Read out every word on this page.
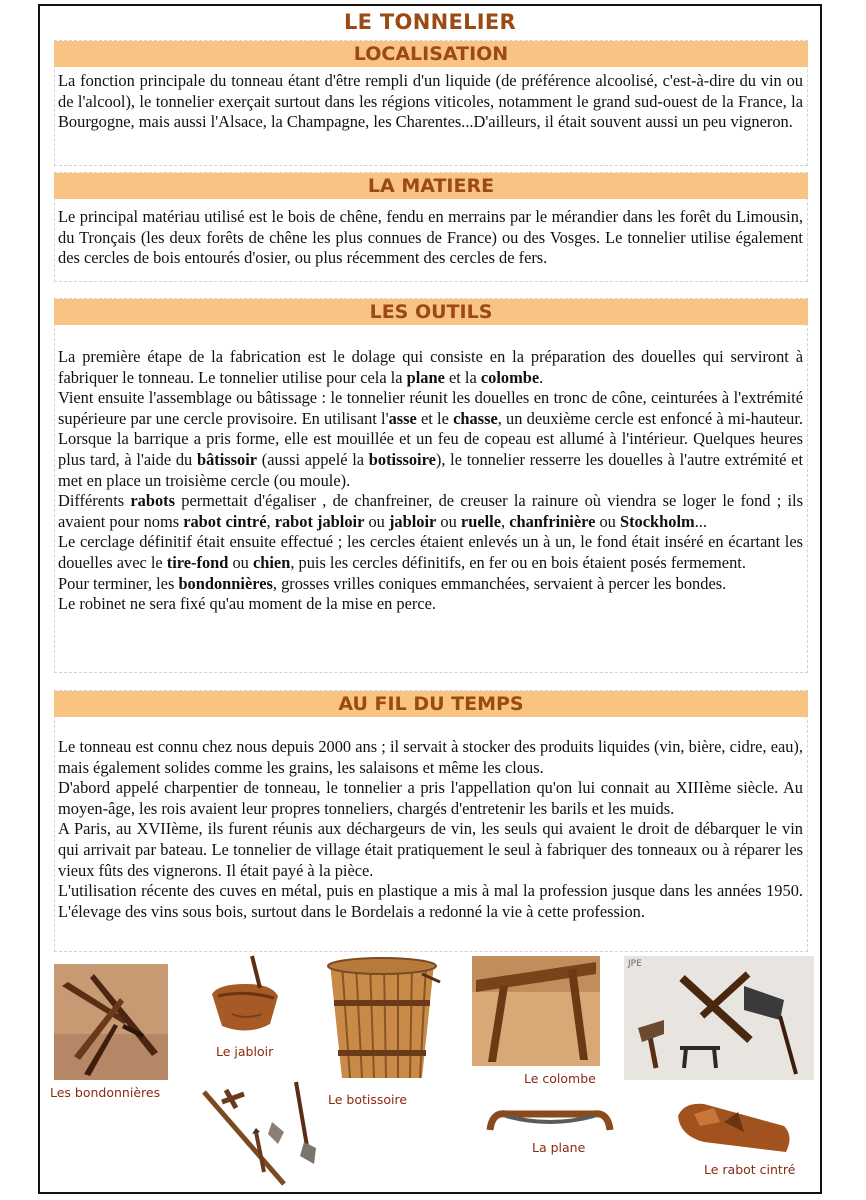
LE TONNELIER
LOCALISATION

La fonction principale du tonneau étant d'être rempli d'un liquide (de préférence alcoolisé, c'est-à-dire du vin ou de l'alcool), le tonnelier exerçait surtout dans les régions viticoles, notamment le grand sud-ouest de la France, la Bourgogne, mais aussi l'Alsace, la Champagne, les Charentes...D'ailleurs, il était souvent aussi un peu vigneron.

LA MATIERE

Le principal matériau utilisé est le bois de chêne, fendu en merrains par le mérandier dans les forêt du Limousin, du Tronçais (les deux forêts de chêne les plus connues de France) ou des Vosges. Le tonnelier utilise également des cercles de bois entourés d'osier, ou plus récemment des cercles de fers.

LES OUTILS

La première étape de la fabrication est le dolage qui consiste en la préparation des douelles qui serviront à fabriquer le tonneau. Le tonnelier utilise pour cela la plane et la colombe.

Vient ensuite l'assemblage ou bâtissage : le tonnelier réunit les douelles en tronc de cône, ceinturées à l'extrémité supérieure par une cercle provisoire. En utilisant l'asse et le chasse, un deuxième cercle est enfoncé à mi-hauteur. Lorsque la barrique a pris forme, elle est mouillée et un feu de copeau est allumé à l'intérieur. Quelques heures plus tard, à l'aide du bâtissoir (aussi appelé la botissoire), le tonnelier resserre les douelles à l'autre extrémité et met en place un troisième cercle (ou moule).

Différents rabots permettait d'égaliser , de chanfreiner, de creuser la rainure où viendra se loger le fond ; ils avaient pour noms rabot cintré, rabot jabloir ou jabloir ou ruelle, chanfrinière ou Stockholm...

Le cerclage définitif était ensuite effectué ; les cercles étaient enlevés un à un, le fond était inséré en écartant les douelles avec le tire-fond ou chien, puis les cercles définitifs, en fer ou en bois étaient posés fermement.

Pour terminer, les bondonnières, grosses vrilles coniques emmanchées, servaient à percer les bondes.

Le robinet ne sera fixé qu'au moment de la mise en perce.

AU FIL DU TEMPS

Le tonneau est connu chez nous depuis 2000 ans ; il servait à stocker des produits liquides (vin, bière, cidre, eau), mais également solides comme les grains, les salaisons et même les clous.

D'abord appelé charpentier de tonneau, le tonnelier a pris l'appellation qu'on lui connait au XIIIème siècle. Au moyen-âge, les rois avaient leur propres tonneliers, chargés d'entretenir les barils et les muids.

A Paris, au XVIIème, ils furent réunis aux déchargeurs de vin, les seuls qui avaient le droit de débarquer le vin qui arrivait par bateau. Le tonnelier de village était pratiquement le seul à fabriquer des tonneaux ou à réparer les vieux fûts des vignerons. Il était payé à la pièce.

L'utilisation récente des cuves en métal, puis en plastique a mis à mal la profession jusque dans les années 1950. L'élevage des vins sous bois, surtout dans le Bordelais a redonné la vie à cette profession.

Les bondonnières
Le jabloir
Le botissoire
Le colombe
JPE
La plane
Le rabot cintré
